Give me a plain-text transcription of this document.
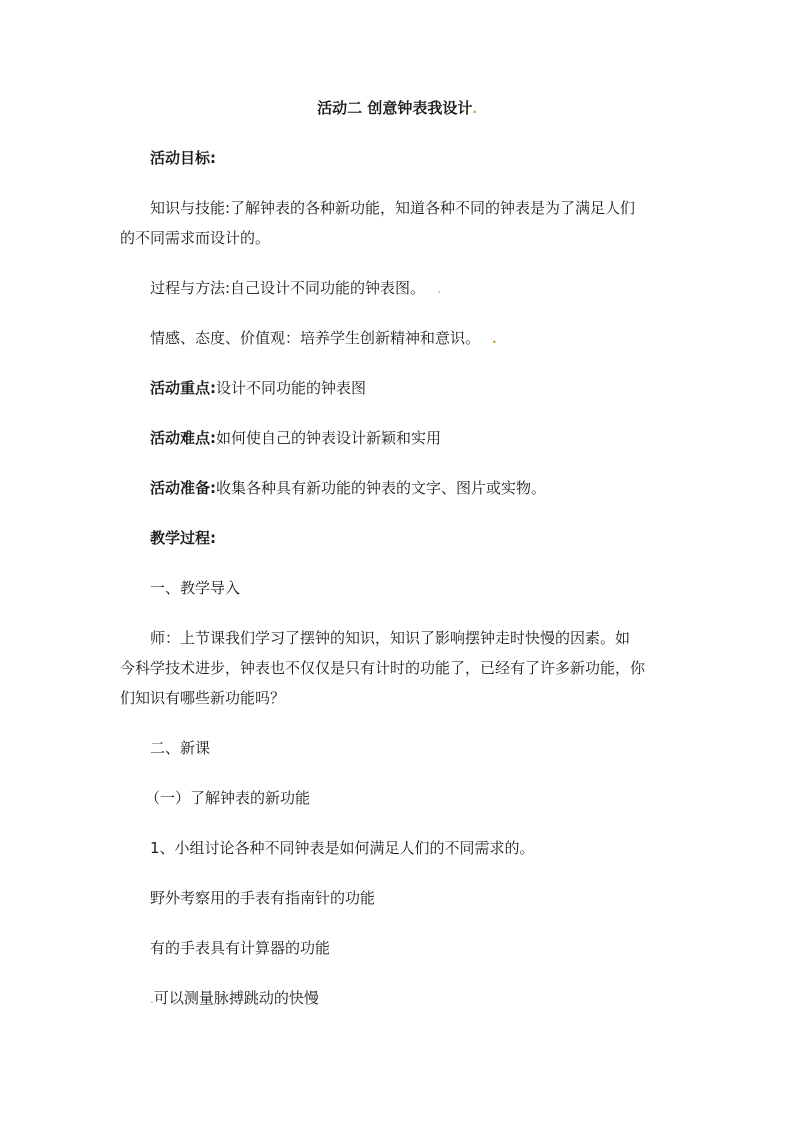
活动二 创意钟表我设计.
活动目标:
知识与技能:了解钟表的各种新功能，知道各种不同的钟表是为了满足人们
的不同需求而设计的。
过程与方法:自己设计不同功能的钟表图。 .
情感、态度、价值观：培养学生创新精神和意识。 .
活动重点:设计不同功能的钟表图
活动难点:如何使自己的钟表设计新颖和实用
活动准备:收集各种具有新功能的钟表的文字、图片或实物。
教学过程:
一、教学导入
师：上节课我们学习了摆钟的知识，知识了影响摆钟走时快慢的因素。如
今科学技术进步，钟表也不仅仅是只有计时的功能了，已经有了许多新功能，你
们知识有哪些新功能吗？
二、新课
（一）了解钟表的新功能
1、小组讨论各种不同钟表是如何满足人们的不同需求的。
野外考察用的手表有指南针的功能
有的手表具有计算器的功能
.可以测量脉搏跳动的快慢
